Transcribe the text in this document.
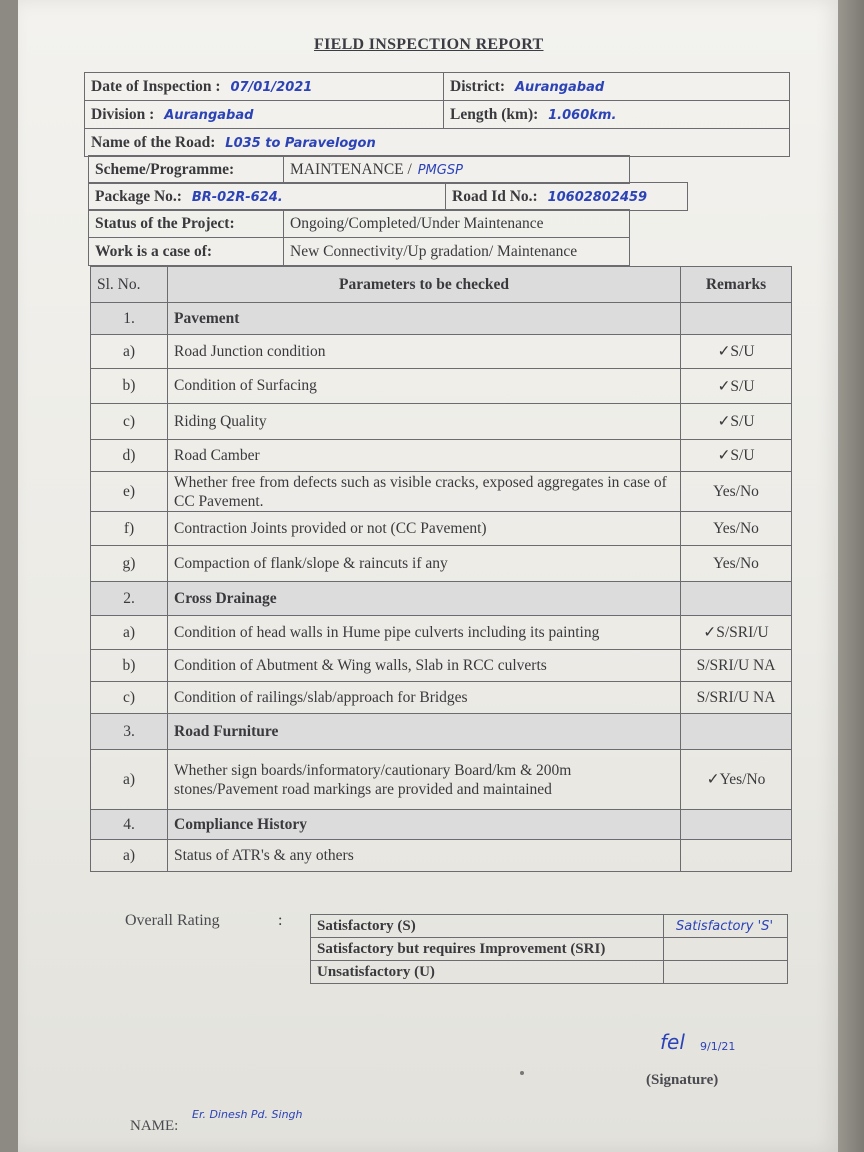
FIELD INSPECTION REPORT
Date of Inspection : 07/01/2021	District: Aurangabad
Division : Aurangabad	Length (km): 1.060km.
Name of the Road: L035 to Paravelogon	
Scheme/Programme:	MAINTENANCE / PMGSP
Package No.: BR-02R-624.	Road Id No.: 10602802459
Status of the Project:	Ongoing/Completed/Under Maintenance
Work is a case of:	New Connectivity/Up gradation/ Maintenance
Sl. No.	Parameters to be checked	Remarks
1.	Pavement	
a)	Road Junction condition	✓S/U
b)	Condition of Surfacing	✓S/U
c)	Riding Quality	✓S/U
d)	Road Camber	✓S/U
e)	Whether free from defects such as visible cracks, exposed aggregates in case of CC Pavement.	Yes/No
f)	Contraction Joints provided or not (CC Pavement)	Yes/No
g)	Compaction of flank/slope & raincuts if any	Yes/No
2.	Cross Drainage	
a)	Condition of head walls in Hume pipe culverts including its painting	✓S/SRI/U
b)	Condition of Abutment & Wing walls, Slab in RCC culverts	S/SRI/U NA
c)	Condition of railings/slab/approach for Bridges	S/SRI/U NA
3.	Road Furniture	
a)	Whether sign boards/informatory/cautionary Board/km & 200m stones/Pavement road markings are provided and maintained	✓Yes/No
4.	Compliance History	
a)	Status of ATR's & any others	
Overall Rating	: Satisfactory (S)	Satisfactory 'S'
Satisfactory but requires Improvement (SRI)	
Unsatisfactory (U)	
fel 9/1/21
(Signature)
NAME:
Er. Dinesh Pd. Singh
